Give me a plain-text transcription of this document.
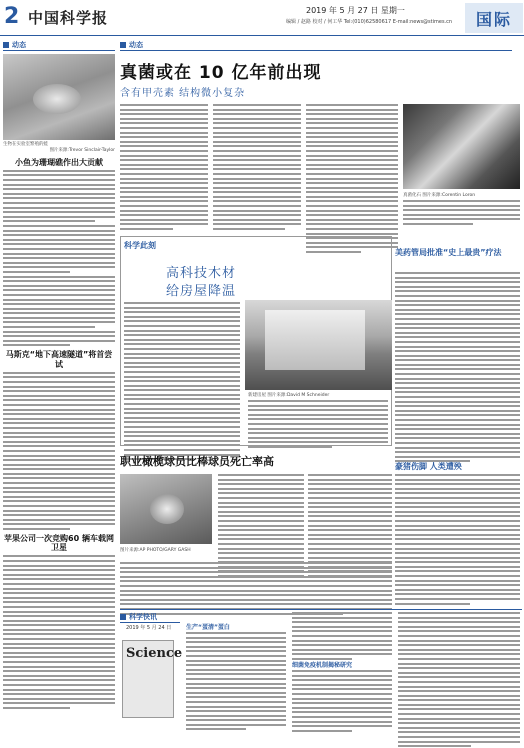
2 中国科学报	2019 年 5 月 27 日 星期一
编辑 / 赵路 校对 / 何工华 Tel:(010)62580617 E-mail:news@stimes.cn	国际
动态
生物在实验室繁殖的蛙
图片来源:Trevor Sinclair-Taylor
小鱼为珊瑚礁作出大贡献
马斯克“地下高速隧道”将首尝试
苹果公司一次竞购60 辆车载网卫星
动态
真菌或在 10 亿年前出现
含有甲壳素 结构微小复杂
真菌化石 图片来源:Corentin Loron
科学此刻
高科技木材
给房屋降温
新建房屋 图片来源:David M Schneider
美药管局批准“史上最贵”疗法
豪猪伤脚 人类遭殃
职业橄榄球员比棒球员死亡率高
图片来源:AP PHOTO/GARY GASH
科学快讯
2019 年 5 月 24 日
Science
生产“蛋清”蛋白
细菌免疫机制揭秘研究
